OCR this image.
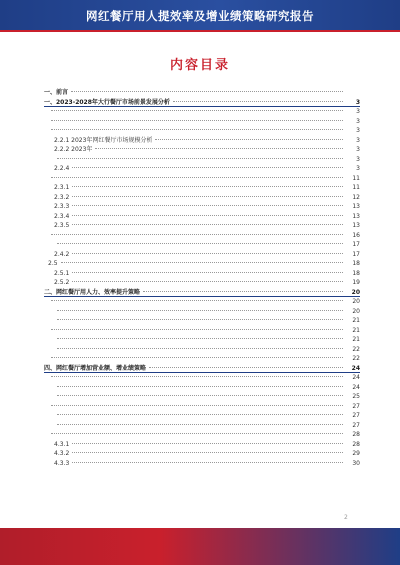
网红餐厅用人提效率及增业绩策略研究报告
内容目录
一、前言
一、2023-2028年大行餐厅市场前景发展分析	3
3
3
3
2.2.1 2023年网红餐厅市场规模分析	3
2.2.2 2023年	3
3
2.2.4	3
11
2.3.1	11
2.3.2	12
2.3.3	13
2.3.4	13
2.3.5	13
16
17
2.4.2	17
2.5	18
2.5.1	18
2.5.2	19
二、网红餐厅用人力、效率提升策略	20
20
20
21
21
21
22
22
四、网红餐厅增加营业额、增业绩策略	24
24
24
25
27
27
27
28
4.3.1	28
4.3.2	29
4.3.3	30
2
